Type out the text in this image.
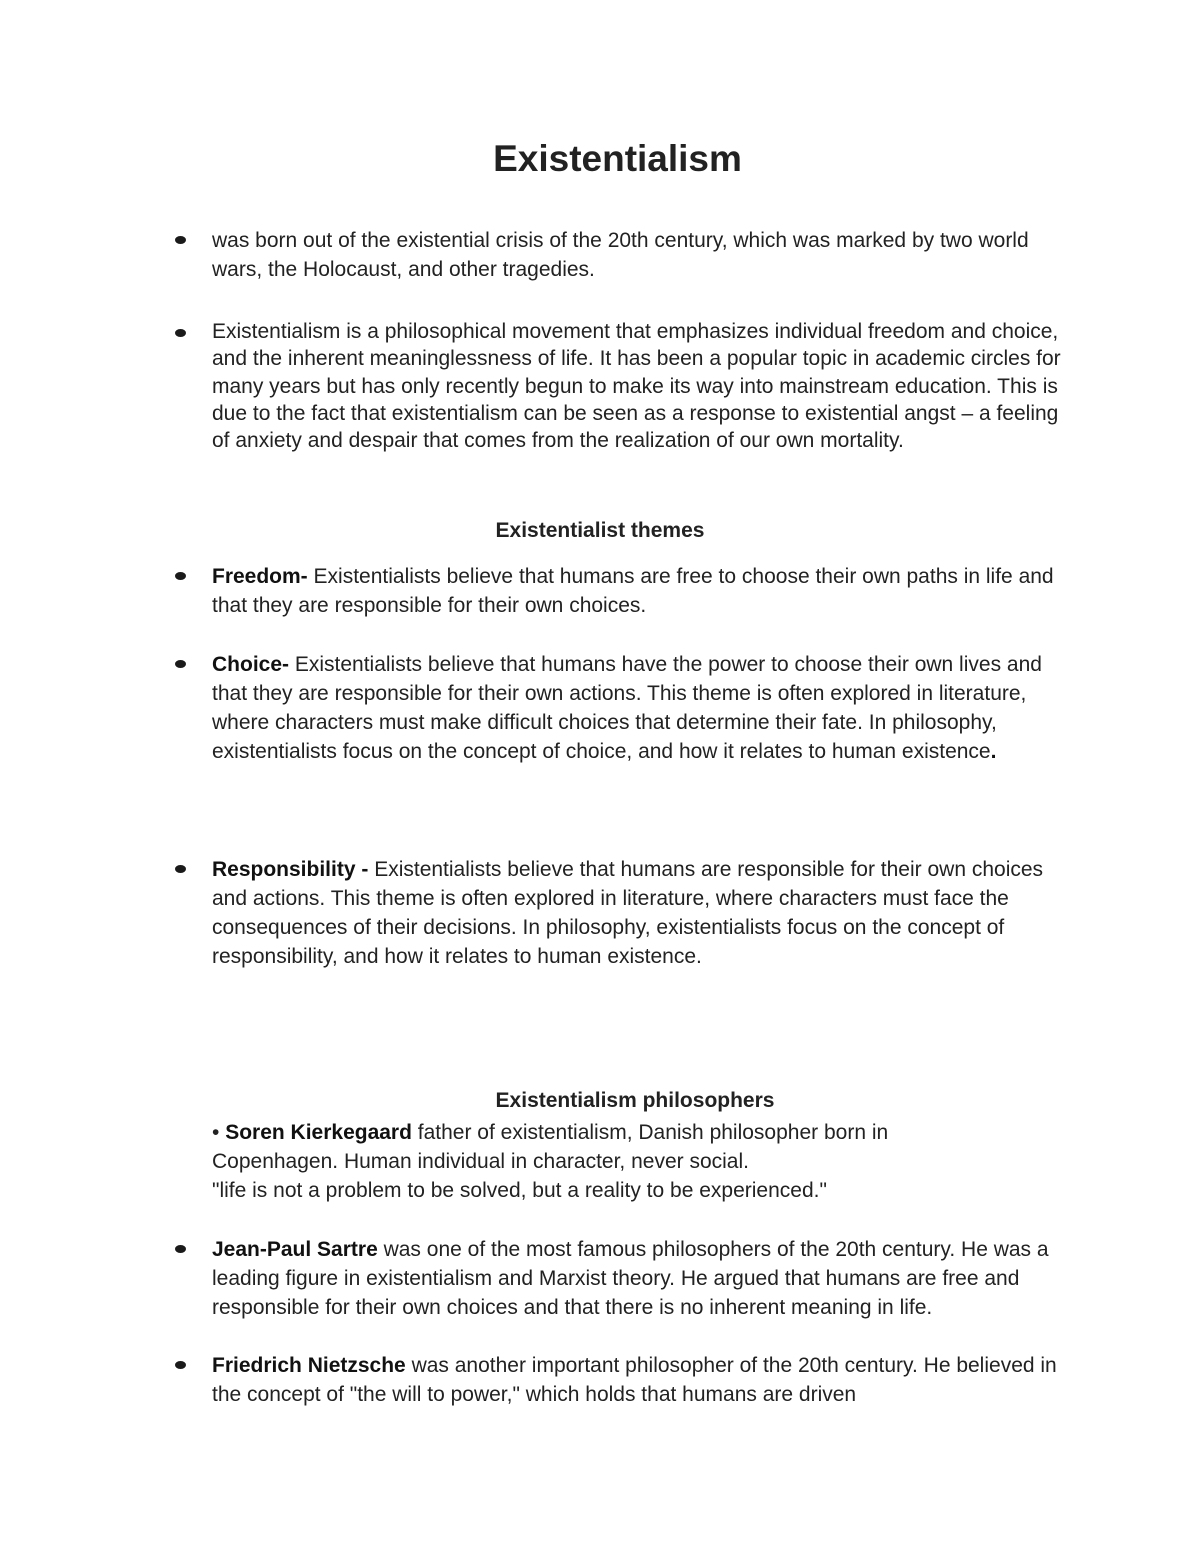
Existentialism

was born out of the existential crisis of the 20th century, which was marked by two world wars, the Holocaust, and other tragedies.

Existentialism is a philosophical movement that emphasizes individual freedom and choice, and the inherent meaninglessness of life. It has been a popular topic in academic circles for many years but has only recently begun to make its way into mainstream education. This is due to the fact that existentialism can be seen as a response to existential angst – a feeling of anxiety and despair that comes from the realization of our own mortality.

Existentialist themes

Freedom- Existentialists believe that humans are free to choose their own paths in life and that they are responsible for their own choices.

Choice- Existentialists believe that humans have the power to choose their own lives and that they are responsible for their own actions. This theme is often explored in literature, where characters must make difficult choices that determine their fate. In philosophy, existentialists focus on the concept of choice, and how it relates to human existence.

Responsibility - Existentialists believe that humans are responsible for their own choices and actions. This theme is often explored in literature, where characters must face the consequences of their decisions. In philosophy, existentialists focus on the concept of responsibility, and how it relates to human existence.

Existentialism philosophers

• Soren Kierkegaard father of existentialism, Danish philosopher born in Copenhagen. Human individual in character, never social.
"life is not a problem to be solved, but a reality to be experienced."

Jean-Paul Sartre was one of the most famous philosophers of the 20th century. He was a leading figure in existentialism and Marxist theory. He argued that humans are free and responsible for their own choices and that there is no inherent meaning in life.

Friedrich Nietzsche was another important philosopher of the 20th century. He believed in the concept of "the will to power," which holds that humans are driven
